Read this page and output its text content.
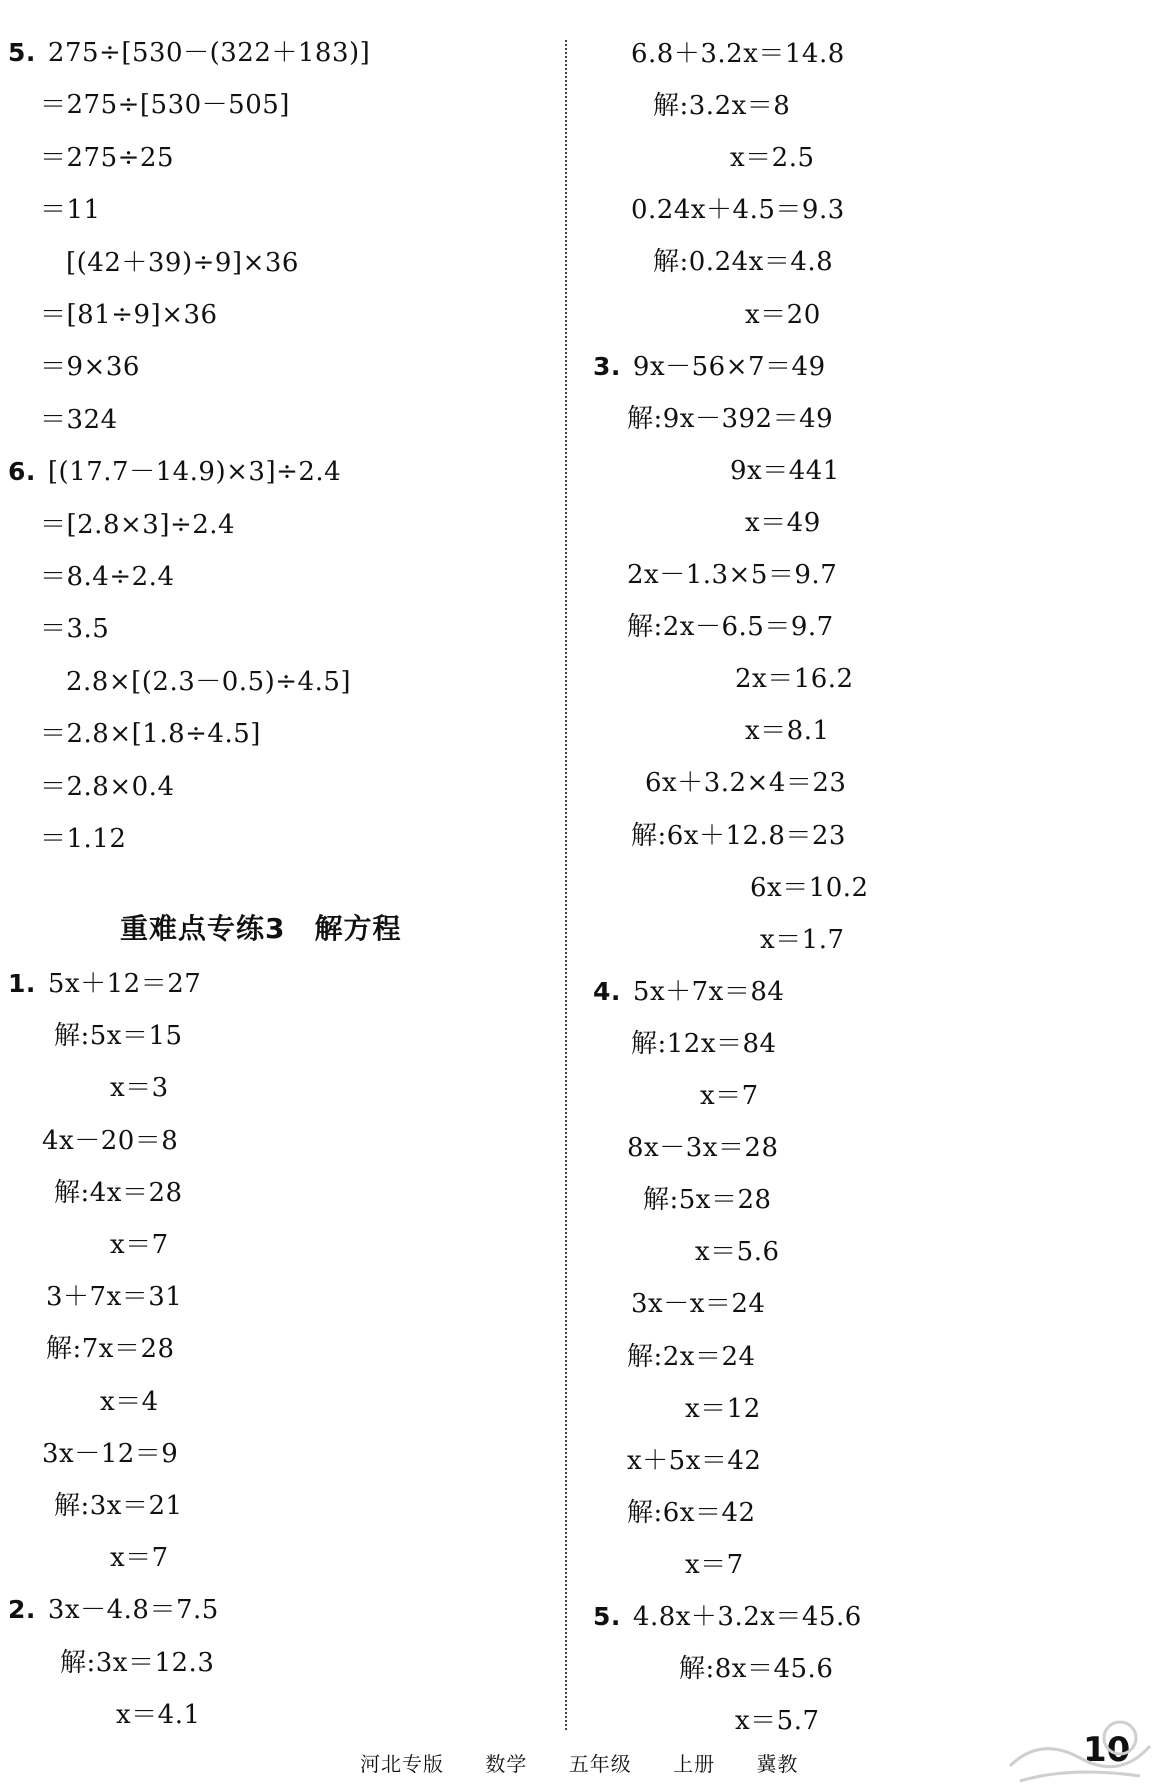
5. 275÷[530－(322＋183)]
＝275÷[530－505]
＝275÷25
＝11
[(42＋39)÷9]×36
＝[81÷9]×36
＝9×36
＝324
6. [(17.7－14.9)×3]÷2.4
＝[2.8×3]÷2.4
＝8.4÷2.4
＝3.5
2.8×[(2.3－0.5)÷4.5]
＝2.8×[1.8÷4.5]
＝2.8×0.4
＝1.12
1. 5x＋12＝27
解:5x＝15
x＝3
4x－20＝8
解:4x＝28
x＝7
3＋7x＝31
解:7x＝28
x＝4
3x－12＝9
解:3x＝21
x＝7
2. 3x－4.8＝7.5
解:3x＝12.3
x＝4.1
重难点专练3　解方程
6.8＋3.2x＝14.8
解:3.2x＝8
x＝2.5
0.24x＋4.5＝9.3
解:0.24x＝4.8
x＝20
3. 9x－56×7＝49
解:9x－392＝49
9x＝441
x＝49
2x－1.3×5＝9.7
解:2x－6.5＝9.7
2x＝16.2
x＝8.1
6x＋3.2×4＝23
解:6x＋12.8＝23
6x＝10.2
x＝1.7
4. 5x＋7x＝84
解:12x＝84
x＝7
8x－3x＝28
解:5x＝28
x＝5.6
3x－x＝24
解:2x＝24
x＝12
x＋5x＝42
解:6x＝42
x＝7
5. 4.8x＋3.2x＝45.6
解:8x＝45.6
x＝5.7
河北专版 数学 五年级 上册 冀教	10
